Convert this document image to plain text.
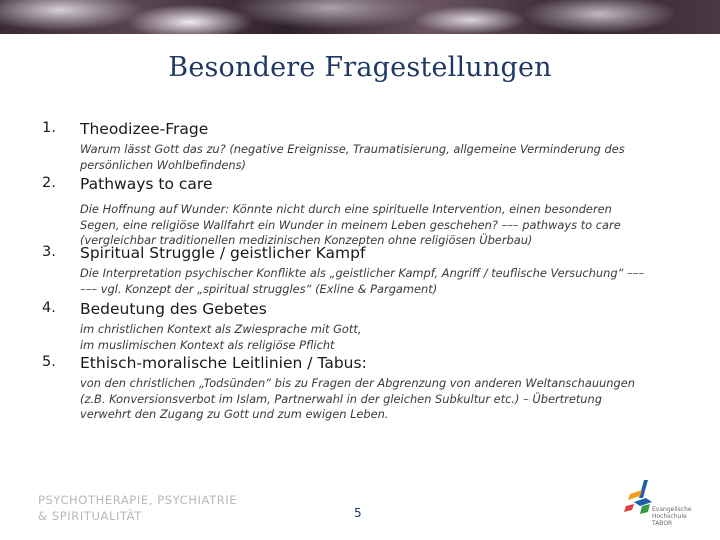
Besondere Fragestellungen
1. Theodizee-Frage
Warum lässt Gott das zu? (negative Ereignisse, Traumatisierung, allgemeine Verminderung des
persönlichen Wohlbefindens)
2. Pathways to care
Die Hoffnung auf Wunder: Könnte nicht durch eine spirituelle Intervention, einen besonderen
Segen, eine religiöse Wallfahrt ein Wunder in meinem Leben geschehen? ––– pathways to care
(vergleichbar traditionellen medizinischen Konzepten ohne religiösen Überbau)
3. Spiritual Struggle / geistlicher Kampf
Die Interpretation psychischer Konflikte als „geistlicher Kampf, Angriff / teuflische Versuchung“ –––
––– vgl. Konzept der „spiritual struggles“ (Exline & Pargament)
4. Bedeutung des Gebetes
im christlichen Kontext als Zwiesprache mit Gott,
im muslimischen Kontext als religiöse Pflicht
5. Ethisch-moralische Leitlinien / Tabus:
von den christlichen „Todsünden“ bis zu Fragen der Abgrenzung von anderen Weltanschauungen
(z.B. Konversionsverbot im Islam, Partnerwahl in der gleichen Subkultur etc.) – Übertretung
verwehrt den Zugang zu Gott und zum ewigen Leben.
PSYCHOTHERAPIE, PSYCHIATRIE
& SPIRITUALITÄT	5	Evangelische
Hochschule
TABOR
